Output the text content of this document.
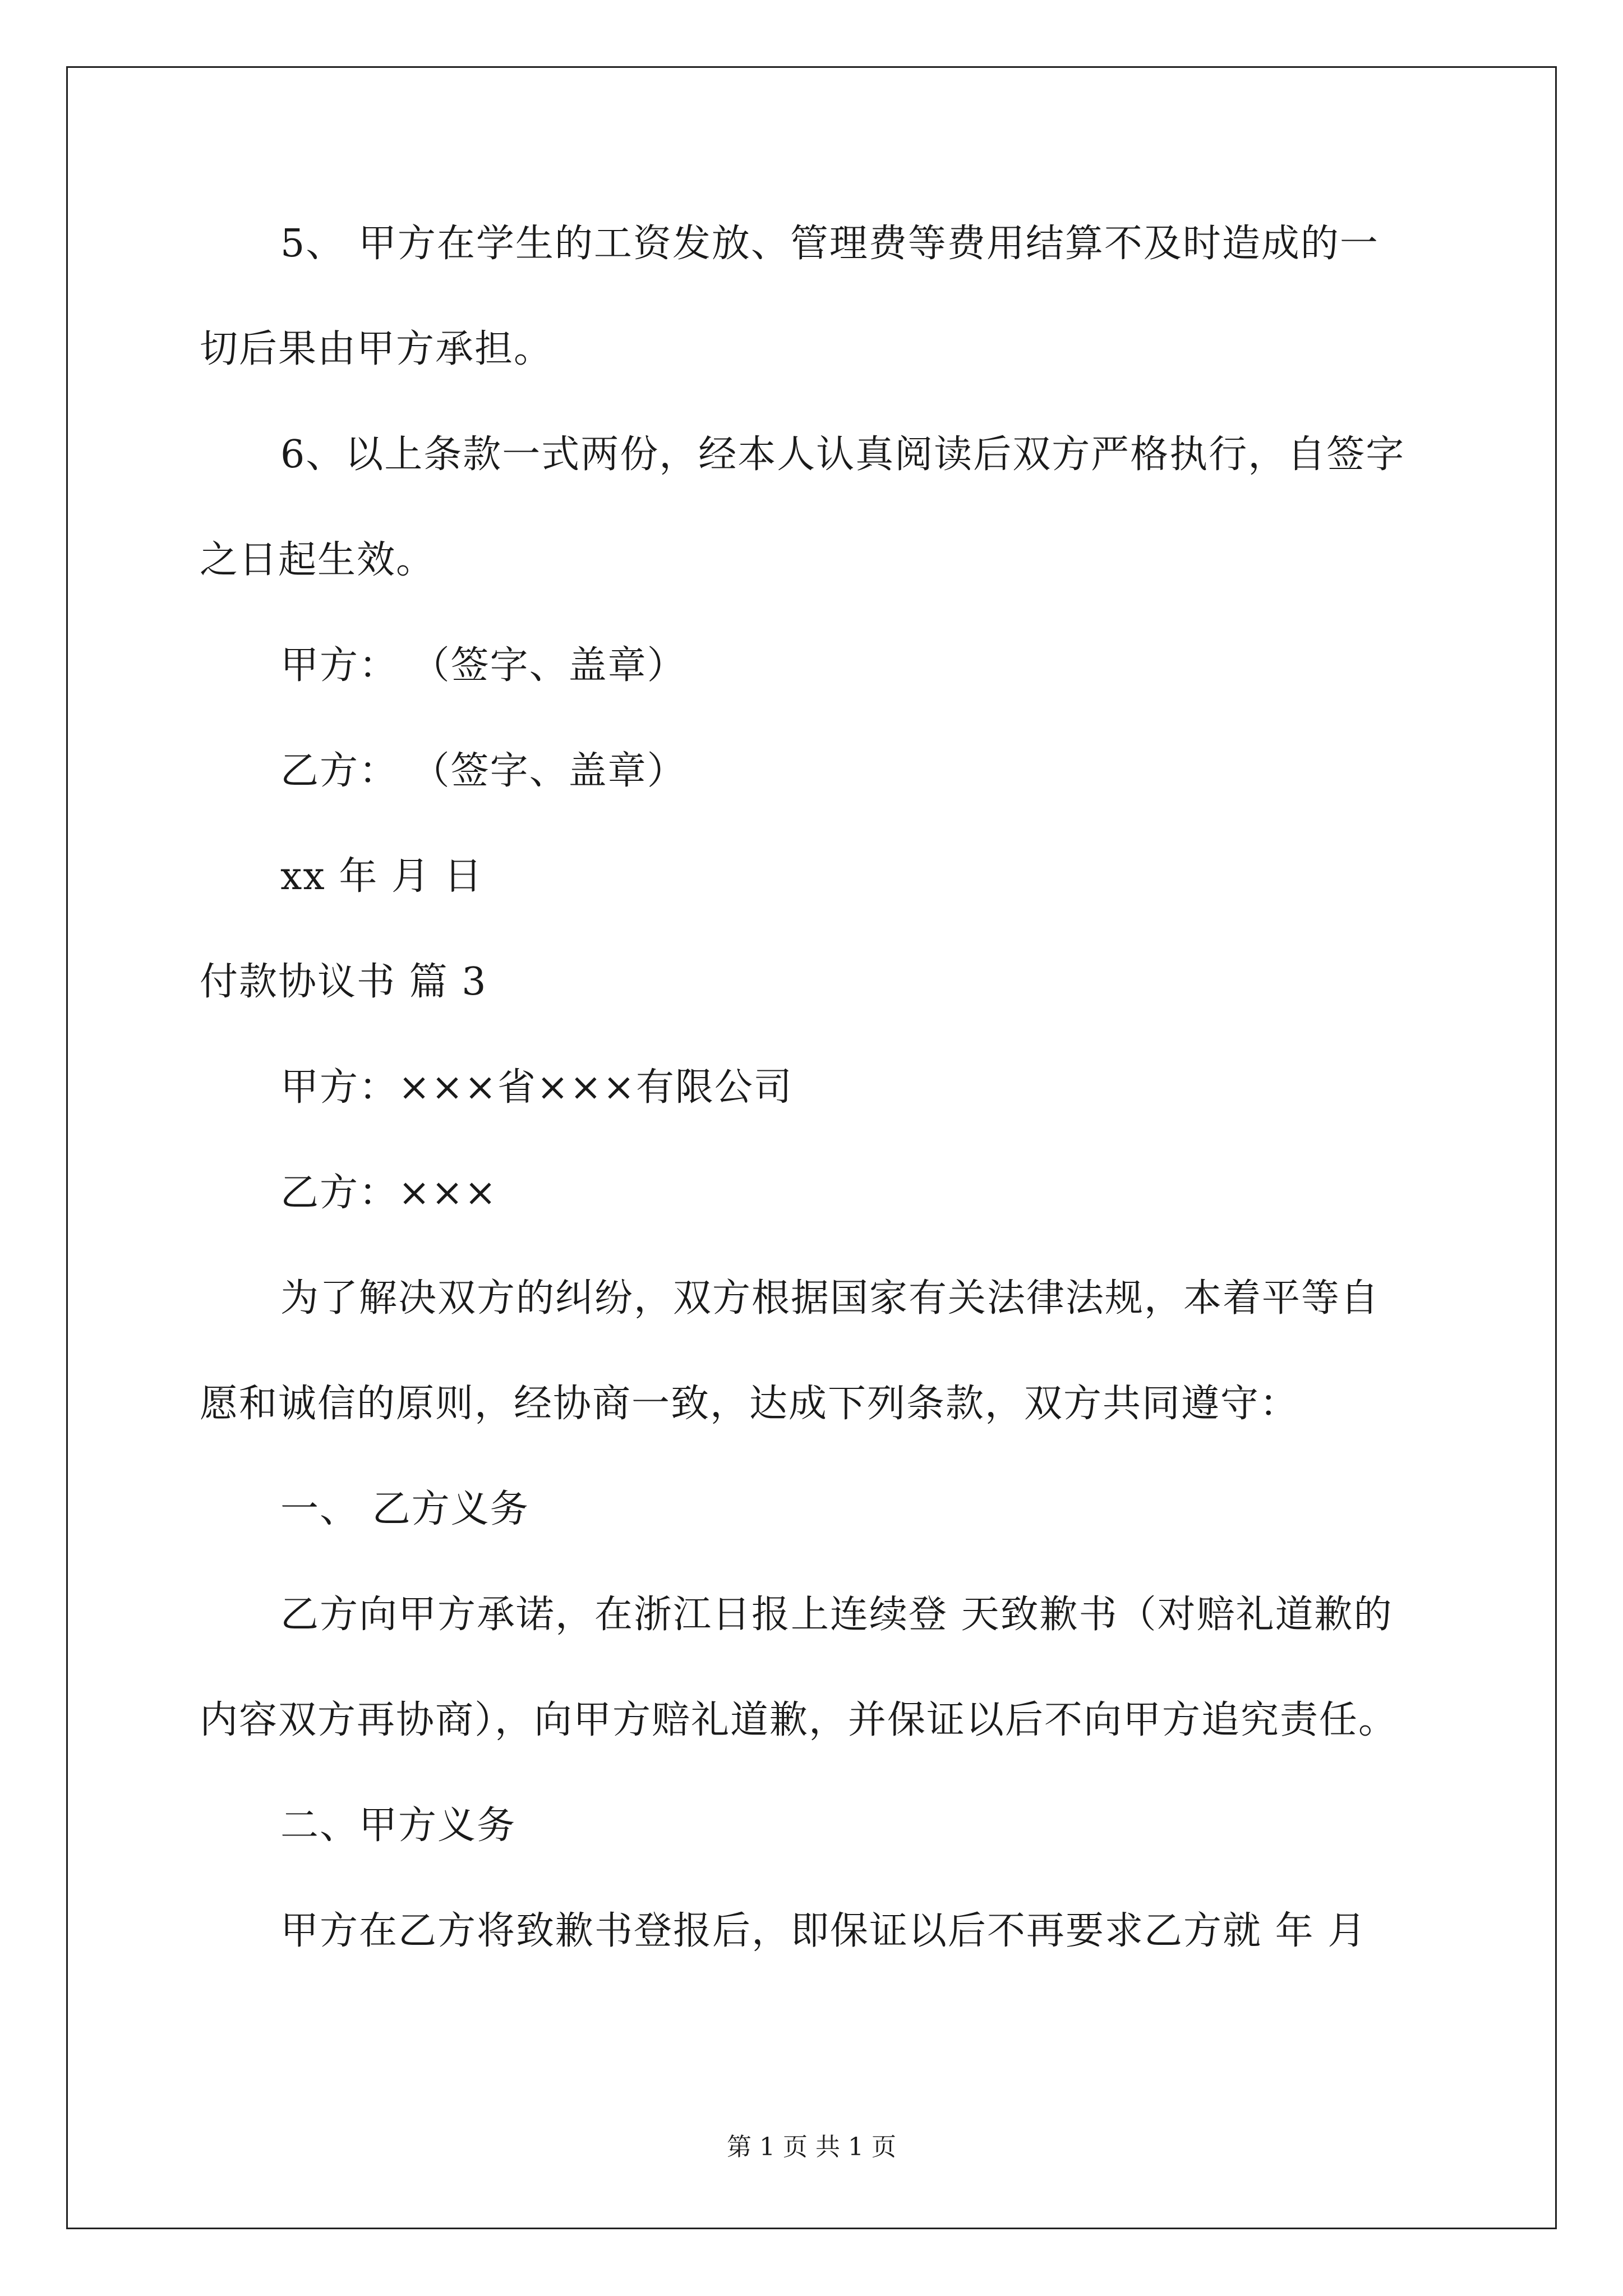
5、 甲方在学生的工资发放、管理费等费用结算不及时造成的一
切后果由甲方承担。
6、以上条款一式两份，经本人认真阅读后双方严格执行，自签字
之日起生效。
甲方： （签字、盖章）
乙方： （签字、盖章）
xx 年 月 日
付款协议书 篇 3
甲方：×××省×××有限公司
乙方：×××
为了解决双方的纠纷，双方根据国家有关法律法规，本着平等自
愿和诚信的原则，经协商一致，达成下列条款，双方共同遵守：
一、 乙方义务
乙方向甲方承诺，在浙江日报上连续登 天致歉书（对赔礼道歉的
内容双方再协商），向甲方赔礼道歉，并保证以后不向甲方追究责任。
二、甲方义务
甲方在乙方将致歉书登报后，即保证以后不再要求乙方就 年 月
第 1 页 共 1 页
